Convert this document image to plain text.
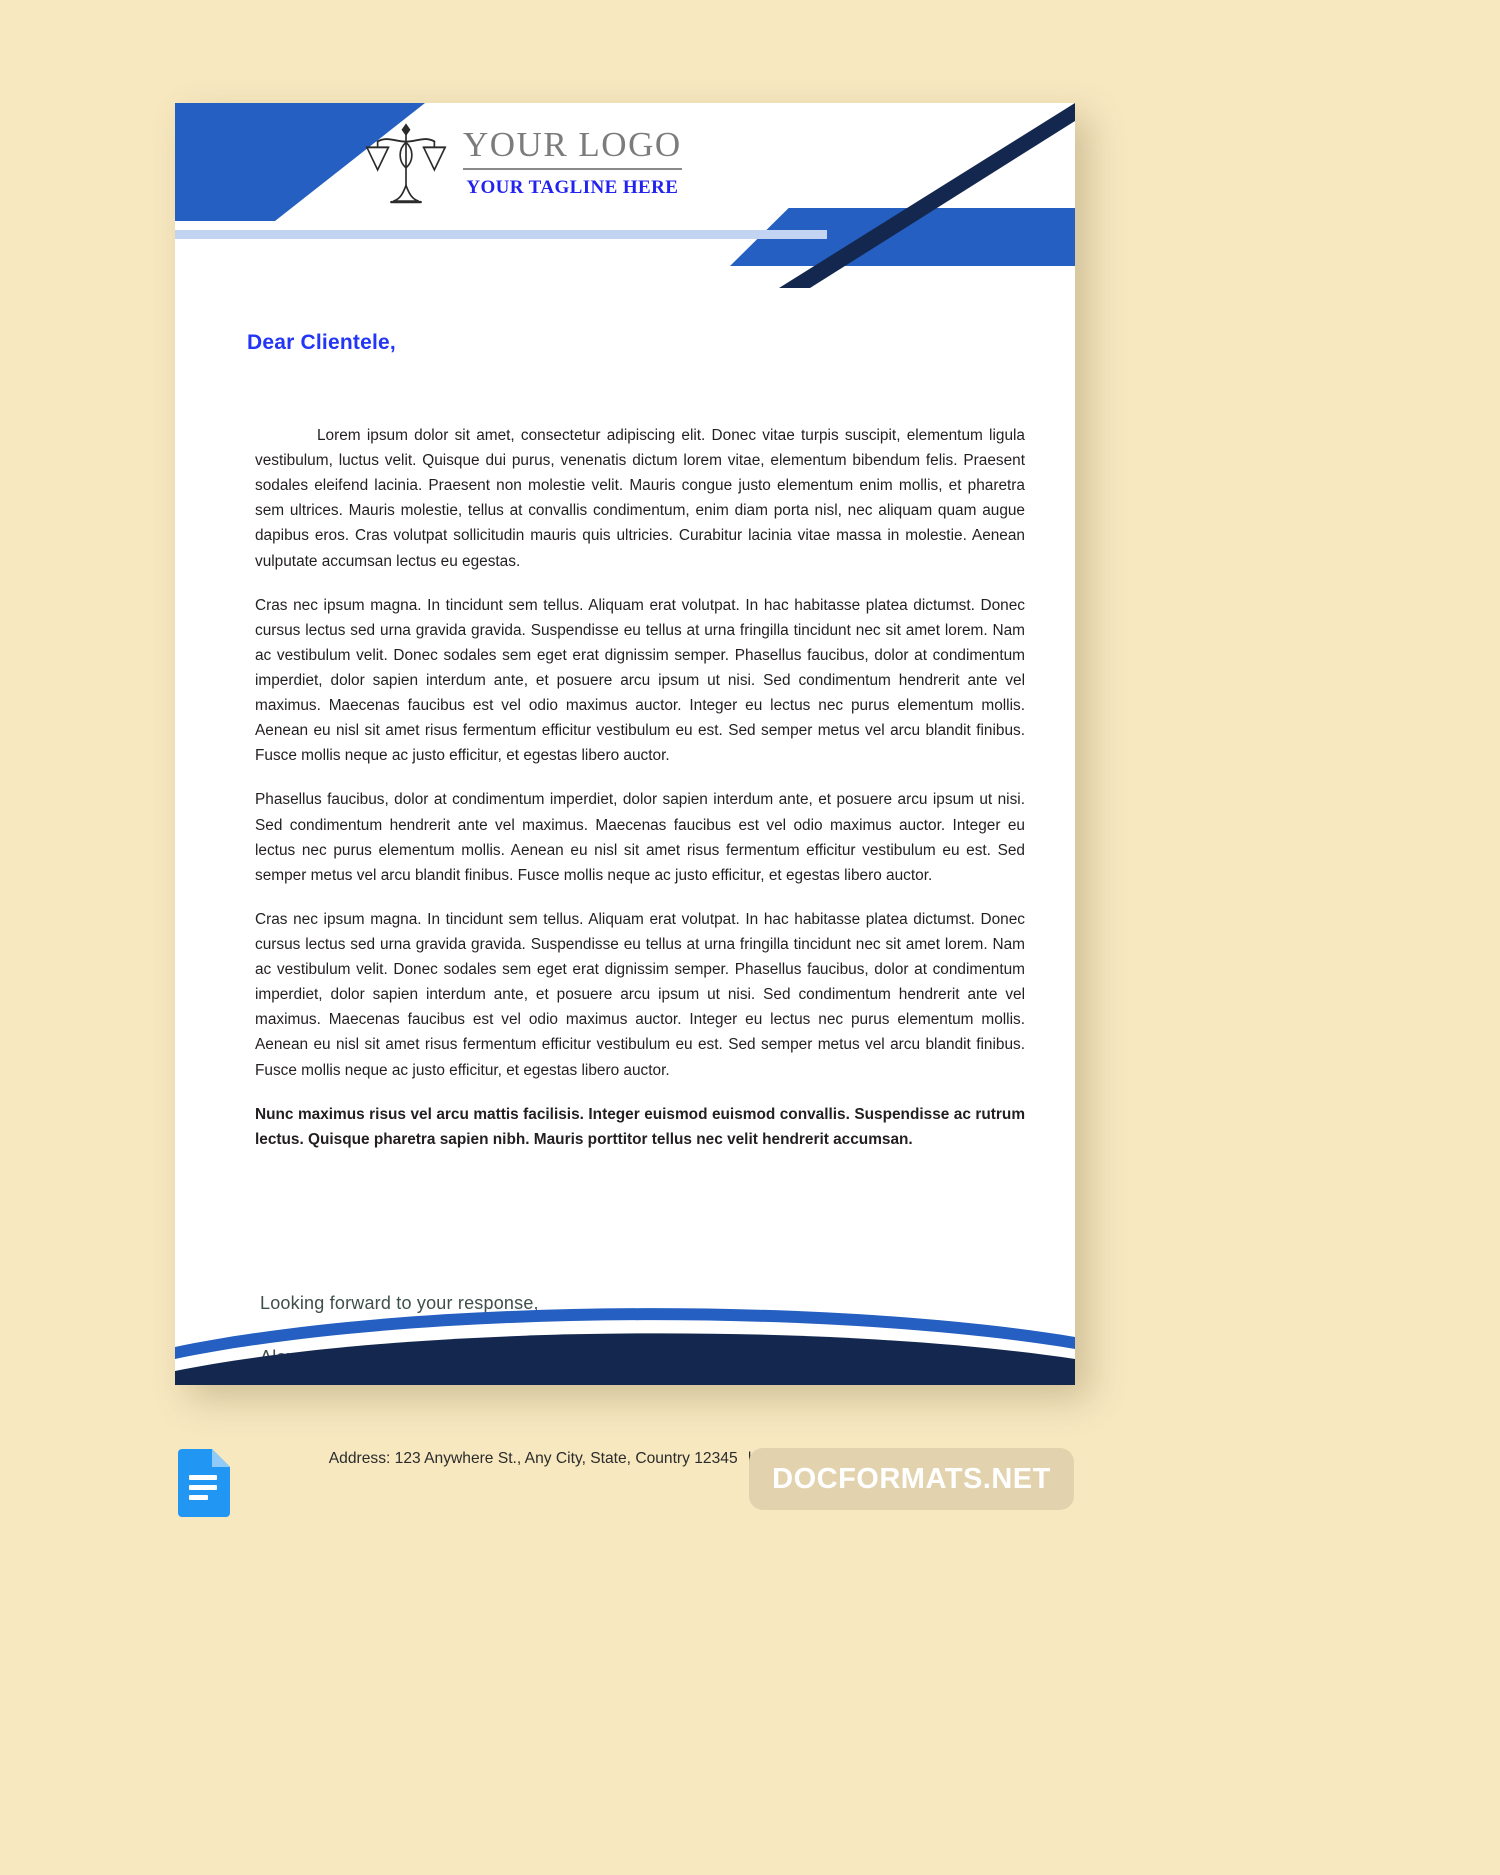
YOUR LOGO
YOUR TAGLINE HERE
Dear Clientele,

Lorem ipsum dolor sit amet, consectetur adipiscing elit. Donec vitae turpis suscipit, elementum ligula vestibulum, luctus velit. Quisque dui purus, venenatis dictum lorem vitae, elementum bibendum felis. Praesent sodales eleifend lacinia. Praesent non molestie velit. Mauris congue justo elementum enim mollis, et pharetra sem ultrices. Mauris molestie, tellus at convallis condimentum, enim diam porta nisl, nec aliquam quam augue dapibus eros. Cras volutpat sollicitudin mauris quis ultricies. Curabitur lacinia vitae massa in molestie. Aenean vulputate accumsan lectus eu egestas.

Cras nec ipsum magna. In tincidunt sem tellus. Aliquam erat volutpat. In hac habitasse platea dictumst. Donec cursus lectus sed urna gravida gravida. Suspendisse eu tellus at urna fringilla tincidunt nec sit amet lorem. Nam ac vestibulum velit. Donec sodales sem eget erat dignissim semper. Phasellus faucibus, dolor at condimentum imperdiet, dolor sapien interdum ante, et posuere arcu ipsum ut nisi. Sed condimentum hendrerit ante vel maximus. Maecenas faucibus est vel odio maximus auctor. Integer eu lectus nec purus elementum mollis. Aenean eu nisl sit amet risus fermentum efficitur vestibulum eu est. Sed semper metus vel arcu blandit finibus. Fusce mollis neque ac justo efficitur, et egestas libero auctor.

Phasellus faucibus, dolor at condimentum imperdiet, dolor sapien interdum ante, et posuere arcu ipsum ut nisi. Sed condimentum hendrerit ante vel maximus. Maecenas faucibus est vel odio maximus auctor. Integer eu lectus nec purus elementum mollis. Aenean eu nisl sit amet risus fermentum efficitur vestibulum eu est. Sed semper metus vel arcu blandit finibus. Fusce mollis neque ac justo efficitur, et egestas libero auctor.

Cras nec ipsum magna. In tincidunt sem tellus. Aliquam erat volutpat. In hac habitasse platea dictumst. Donec cursus lectus sed urna gravida gravida. Suspendisse eu tellus at urna fringilla tincidunt nec sit amet lorem. Nam ac vestibulum velit. Donec sodales sem eget erat dignissim semper. Phasellus faucibus, dolor at condimentum imperdiet, dolor sapien interdum ante, et posuere arcu ipsum ut nisi. Sed condimentum hendrerit ante vel maximus. Maecenas faucibus est vel odio maximus auctor. Integer eu lectus nec purus elementum mollis. Aenean eu nisl sit amet risus fermentum efficitur vestibulum eu est. Sed semper metus vel arcu blandit finibus. Fusce mollis neque ac justo efficitur, et egestas libero auctor.

Nunc maximus risus vel arcu mattis facilisis. Integer euismod euismod convallis. Suspendisse ac rutrum lectus. Quisque pharetra sapien nibh. Mauris porttitor tellus nec velit hendrerit accumsan.

Looking forward to your response,
Address: 123 Anywhere St., Any City, State, Country 12345
DOCFORMATS.NET
